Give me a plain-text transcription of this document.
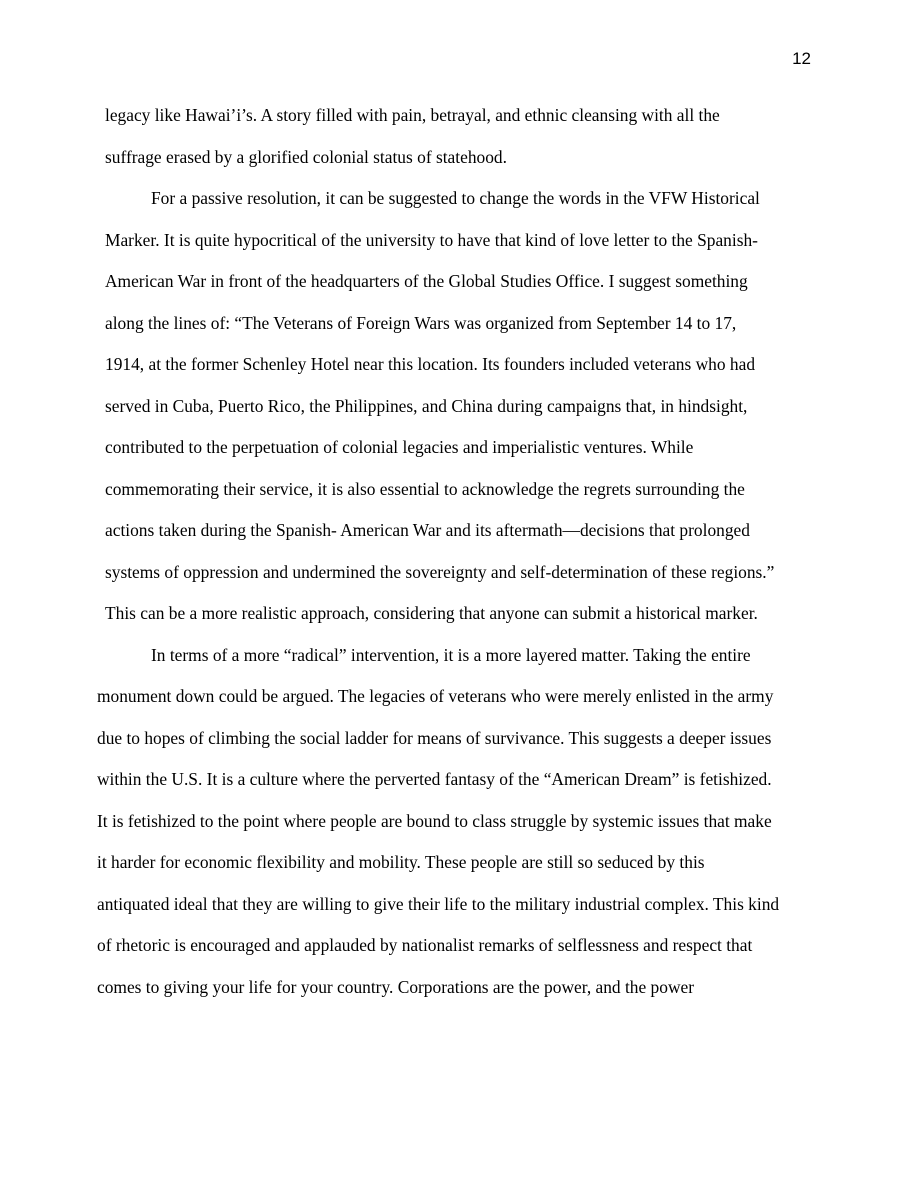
12
legacy like Hawai’i’s. A story filled with pain, betrayal, and ethnic cleansing with all the
suffrage erased by a glorified colonial status of statehood.
For a passive resolution, it can be suggested to change the words in the VFW Historical
Marker. It is quite hypocritical of the university to have that kind of love letter to the Spanish-
American War in front of the headquarters of the Global Studies Office. I suggest something
along the lines of: “The Veterans of Foreign Wars was organized from September 14 to 17,
1914, at the former Schenley Hotel near this location. Its founders included veterans who had
served in Cuba, Puerto Rico, the Philippines, and China during campaigns that, in hindsight,
contributed to the perpetuation of colonial legacies and imperialistic ventures. While
commemorating their service, it is also essential to acknowledge the regrets surrounding the
actions taken during the Spanish- American War and its aftermath—decisions that prolonged
systems of oppression and undermined the sovereignty and self-determination of these regions.”
This can be a more realistic approach, considering that anyone can submit a historical marker.
In terms of a more “radical” intervention, it is a more layered matter. Taking the entire
monument down could be argued. The legacies of veterans who were merely enlisted in the army
due to hopes of climbing the social ladder for means of survivance. This suggests a deeper issues
within the U.S. It is a culture where the perverted fantasy of the “American Dream” is fetishized.
It is fetishized to the point where people are bound to class struggle by systemic issues that make
it harder for economic flexibility and mobility. These people are still so seduced by this
antiquated ideal that they are willing to give their life to the military industrial complex. This kind
of rhetoric is encouraged and applauded by nationalist remarks of selflessness and respect that
comes to giving your life for your country. Corporations are the power, and the power
